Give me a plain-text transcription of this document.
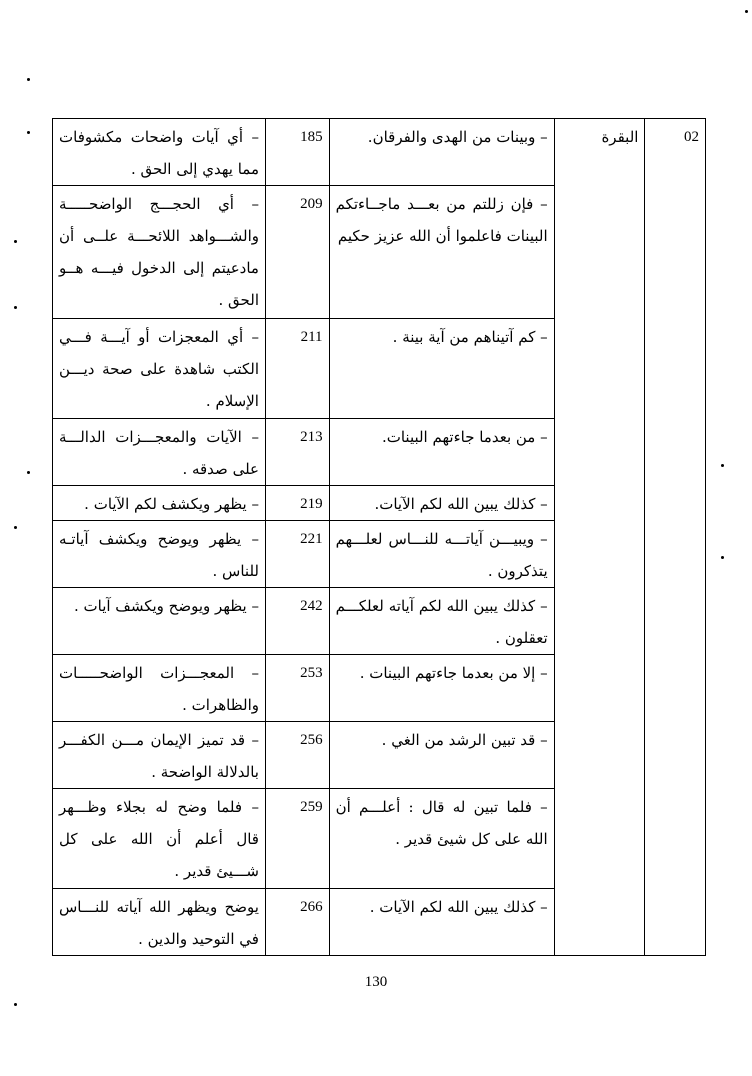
02	البقرة	– وبينات من الهدى والفرقان.	185	– أي آيات واضحات مكشوفات مما يهدي إلى الحق .
		– فإن زللتم من بعـــد ماجــاءتكم البينات فاعلموا أن الله عزيز حكيم	209	– أي الحجـــج الواضحـــــة والشـــواهد اللائحـــة علــى أن مادعيتم إلى الدخول فيـــه هــو الحق .
		– كم آتيناهم من آية بينة .	211	– أي المعجزات أو آيـــة فـــي الكتب شاهدة على صحة ديـــن الإسلام .
		– من بعدما جاءتهم البينات.	213	– الآيات والمعجـــزات الدالـــة على صدقه .
		– كذلك يبين الله لكم الآيات.	219	– يظهر ويكشف لكم الآيات .
		– ويبيـــن آياتـــه للنـــاس لعلـــهم يتذكرون .	221	– يظهر ويوضح ويكشف آياتـه للناس .
		– كذلك يبين الله لكم آياته لعلكـــم تعقلون .	242	– يظهر ويوضح ويكشف آيات .
		– إلا من بعدما جاءتهم البينات .	253	– المعجـــزات الواضحـــــات والظاهرات .
		– قد تبين الرشد من الغي .	256	– قد تميز الإيمان مـــن الكفـــر بالدلالة الواضحة .
		– فلما تبين له قال : أعلـــم أن الله على كل شيئ قدير .	259	– فلما وضح له بجلاء وظـــهر قال أعلم أن الله على كل شـــيئ قدير .
		– كذلك يبين الله لكم الآيات .	266	يوضح ويظهر الله آياته للنـــاس في التوحيد والدين .
130
